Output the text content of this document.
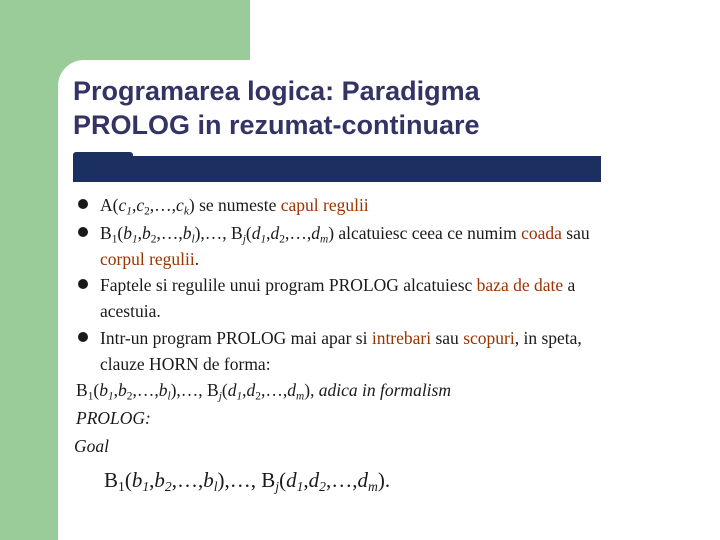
Programarea logica: Paradigma
PROLOG in rezumat-continuare
$A(c_1,c_2,\dots,c_k)$ se numeste capul regulii
$B_1(b_1,b_2,\dots,b_l),\dots$, $B_j(d_1,d_2,\dots,d_m)$ alcatuiesc ceea ce numim coada sau
corpul regulii.
Faptele si regulile unui program PROLOG alcatuiesc baza de date a
acestuia.
Intr-un program PROLOG mai apar si intrebari sau scopuri, in speta,
clauze HORN de forma:
$B_1(b_1,b_2,\dots,b_l),\dots$, $B_j(d_1,d_2,\dots,d_m)$, adica in formalism
PROLOG:
Goal
$B_1(b_1,b_2,\dots,b_l),\dots$, $B_j(d_1,d_2,\dots,d_m)$.
